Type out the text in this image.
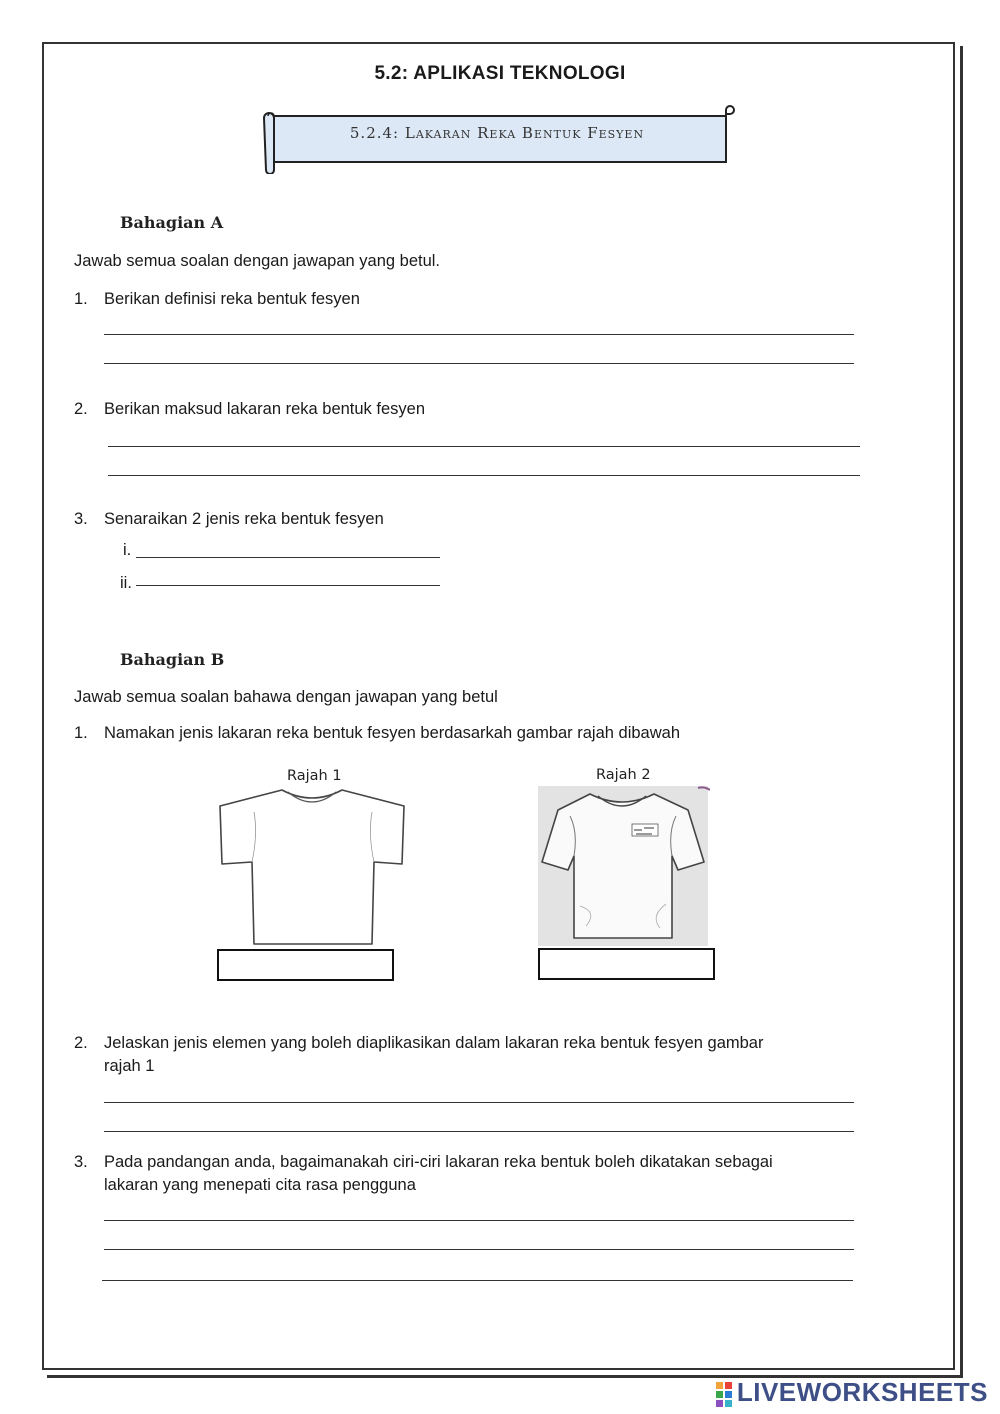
5.2: APLIKASI TEKNOLOGI
5.2.4: Lakaran Reka Bentuk Fesyen
Bahagian A
Jawab semua soalan dengan jawapan yang betul.
1. Berikan definisi reka bentuk fesyen
2. Berikan maksud lakaran reka bentuk fesyen
3. Senaraikan 2 jenis reka bentuk fesyen
i.
ii.
Bahagian B
Jawab semua soalan bahawa dengan jawapan yang betul
1. Namakan jenis lakaran reka bentuk fesyen berdasarkah gambar rajah dibawah
Rajah 1	Rajah 2
2. Jelaskan jenis elemen yang boleh diaplikasikan dalam lakaran reka bentuk fesyen gambar
rajah 1
3. Pada pandangan anda, bagaimanakah ciri-ciri lakaran reka bentuk boleh dikatakan sebagai
lakaran yang menepati cita rasa pengguna

LIVEWORKSHEETS
